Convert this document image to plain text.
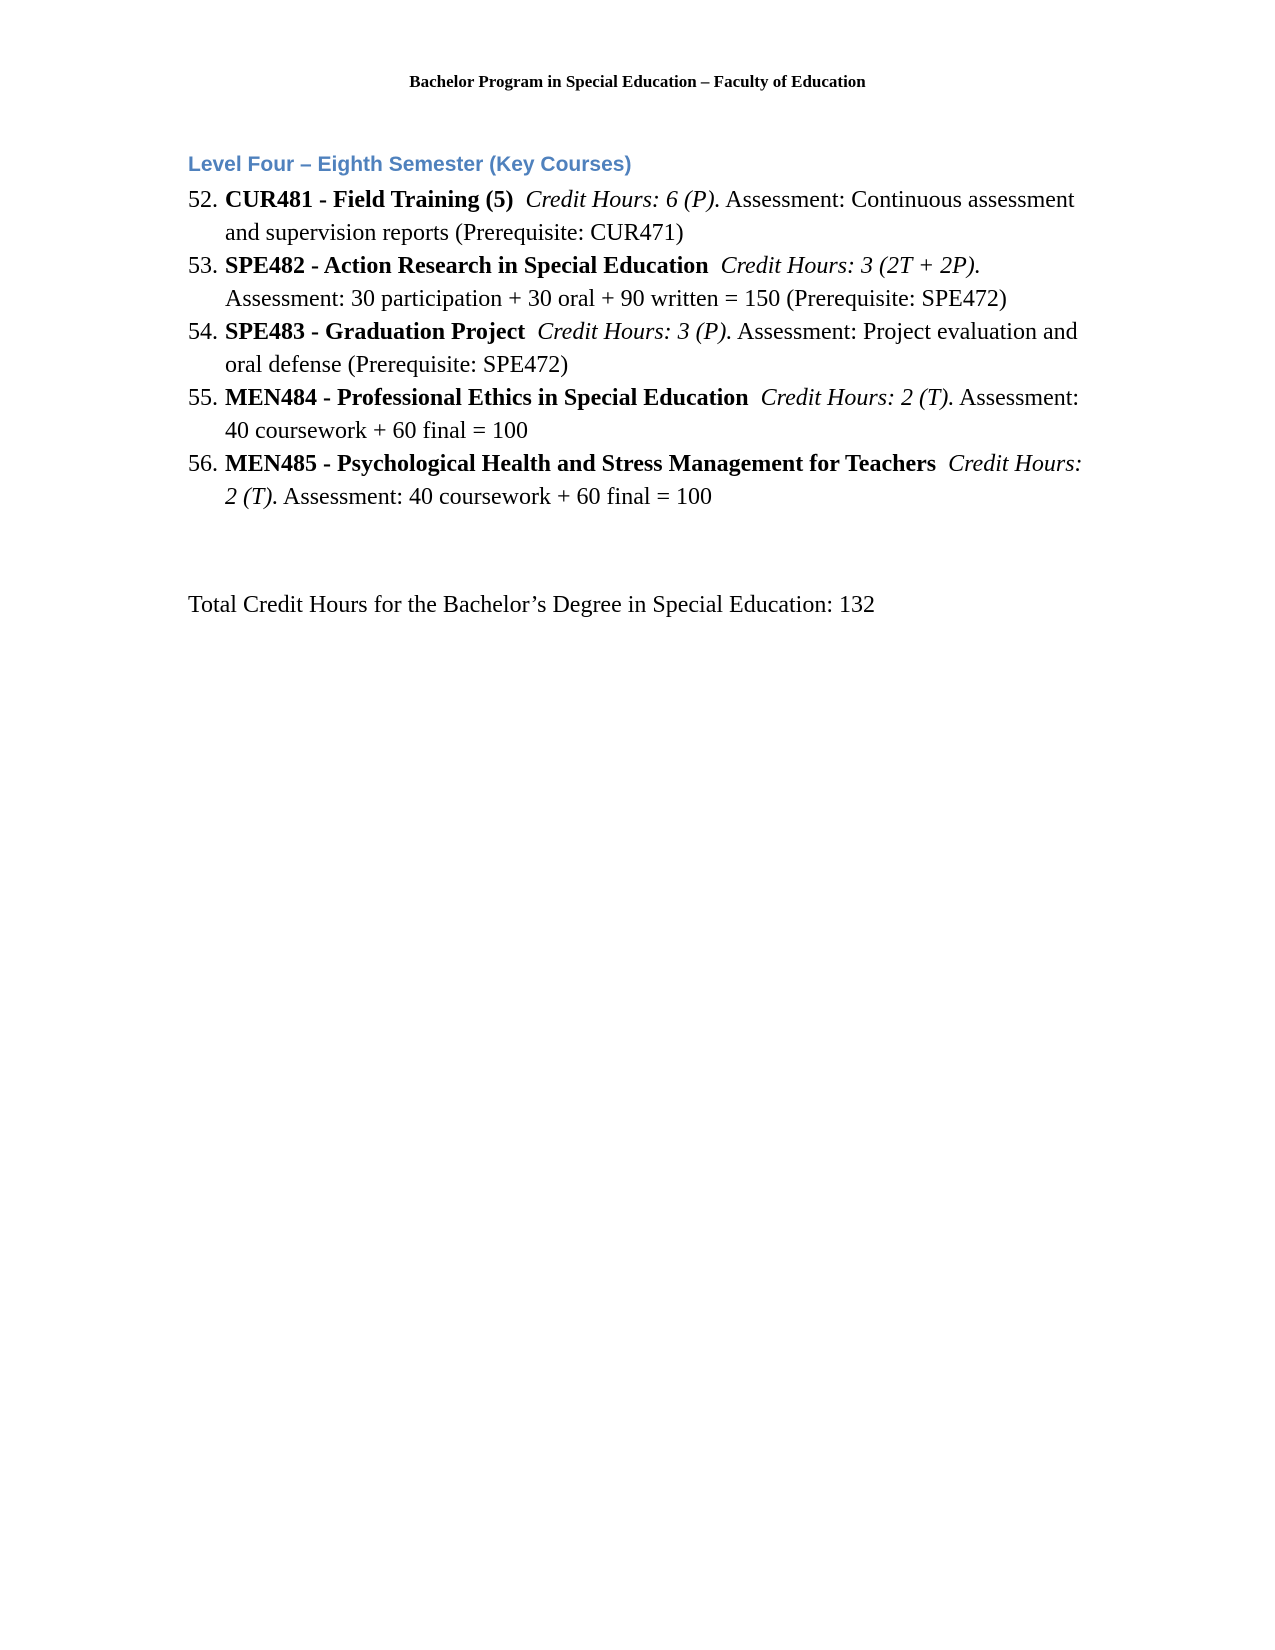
Bachelor Program in Special Education – Faculty of Education
Level Four – Eighth Semester (Key Courses)
52. CUR481 - Field Training (5) Credit Hours: 6 (P). Assessment: Continuous assessment and supervision reports (Prerequisite: CUR471)
53. SPE482 - Action Research in Special Education Credit Hours: 3 (2T + 2P). Assessment: 30 participation + 30 oral + 90 written = 150 (Prerequisite: SPE472)
54. SPE483 - Graduation Project Credit Hours: 3 (P). Assessment: Project evaluation and oral defense (Prerequisite: SPE472)
55. MEN484 - Professional Ethics in Special Education Credit Hours: 2 (T). Assessment: 40 coursework + 60 final = 100
56. MEN485 - Psychological Health and Stress Management for Teachers Credit Hours: 2 (T). Assessment: 40 coursework + 60 final = 100

Total Credit Hours for the Bachelor’s Degree in Special Education: 132
